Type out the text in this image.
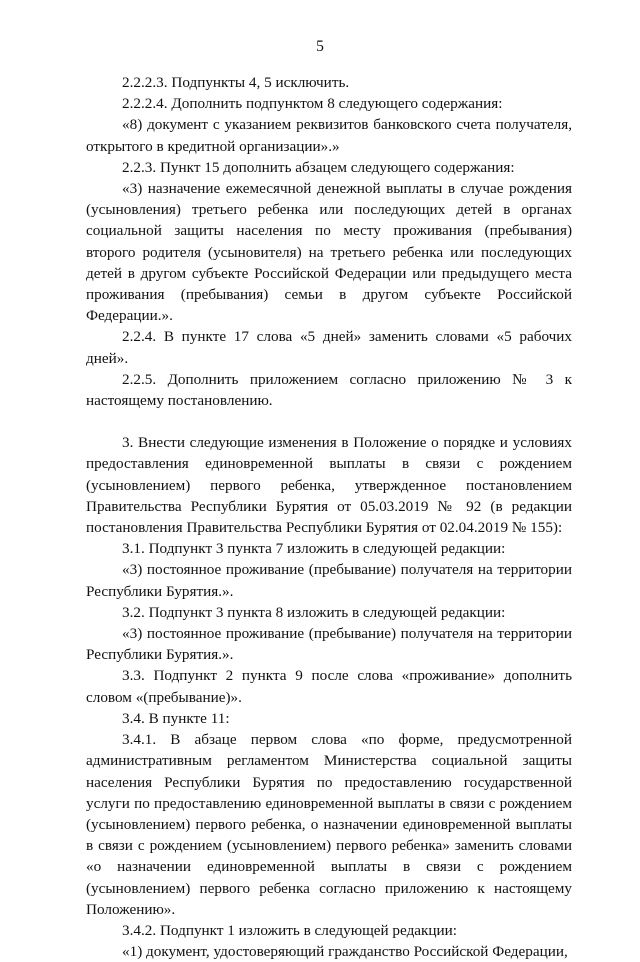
5

2.2.2.3. Подпункты 4, 5 исключить.

2.2.2.4. Дополнить подпунктом 8 следующего содержания:

«8) документ с указанием реквизитов банковского счета получателя, открытого в кредитной организации».»

2.2.3. Пункт 15 дополнить абзацем следующего содержания:

«3) назначение ежемесячной денежной выплаты в случае рождения (усыновления) третьего ребенка или последующих детей в органах социальной защиты населения по месту проживания (пребывания) второго родителя (усыновителя) на третьего ребенка или последующих детей в другом субъекте Российской Федерации или предыдущего места проживания (пребывания) семьи в другом субъекте Российской Федерации.».

2.2.4. В пункте 17 слова «5 дней» заменить словами «5 рабочих дней».

2.2.5. Дополнить приложением согласно приложению № 3 к настоящему постановлению.

3. Внести следующие изменения в Положение о порядке и условиях предоставления единовременной выплаты в связи с рождением (усыновлением) первого ребенка, утвержденное постановлением Правительства Республики Бурятия от 05.03.2019 № 92 (в редакции постановления Правительства Республики Бурятия от 02.04.2019 № 155):

3.1. Подпункт 3 пункта 7 изложить в следующей редакции:

«3) постоянное проживание (пребывание) получателя на территории Республики Бурятия.».

3.2. Подпункт 3 пункта 8 изложить в следующей редакции:

«3) постоянное проживание (пребывание) получателя на территории Республики Бурятия.».

3.3. Подпункт 2 пункта 9 после слова «проживание» дополнить словом «(пребывание)».

3.4. В пункте 11:

3.4.1. В абзаце первом слова «по форме, предусмотренной административным регламентом Министерства социальной защиты населения Республики Бурятия по предоставлению государственной услуги по предоставлению единовременной выплаты в связи с рождением (усыновлением) первого ребенка, о назначении единовременной выплаты в связи с рождением (усыновлением) первого ребенка» заменить словами «о назначении единовременной выплаты в связи с рождением (усыновлением) первого ребенка согласно приложению к настоящему Положению».

3.4.2. Подпункт 1 изложить в следующей редакции:

«1) документ, удостоверяющий гражданство Российской Федерации,
